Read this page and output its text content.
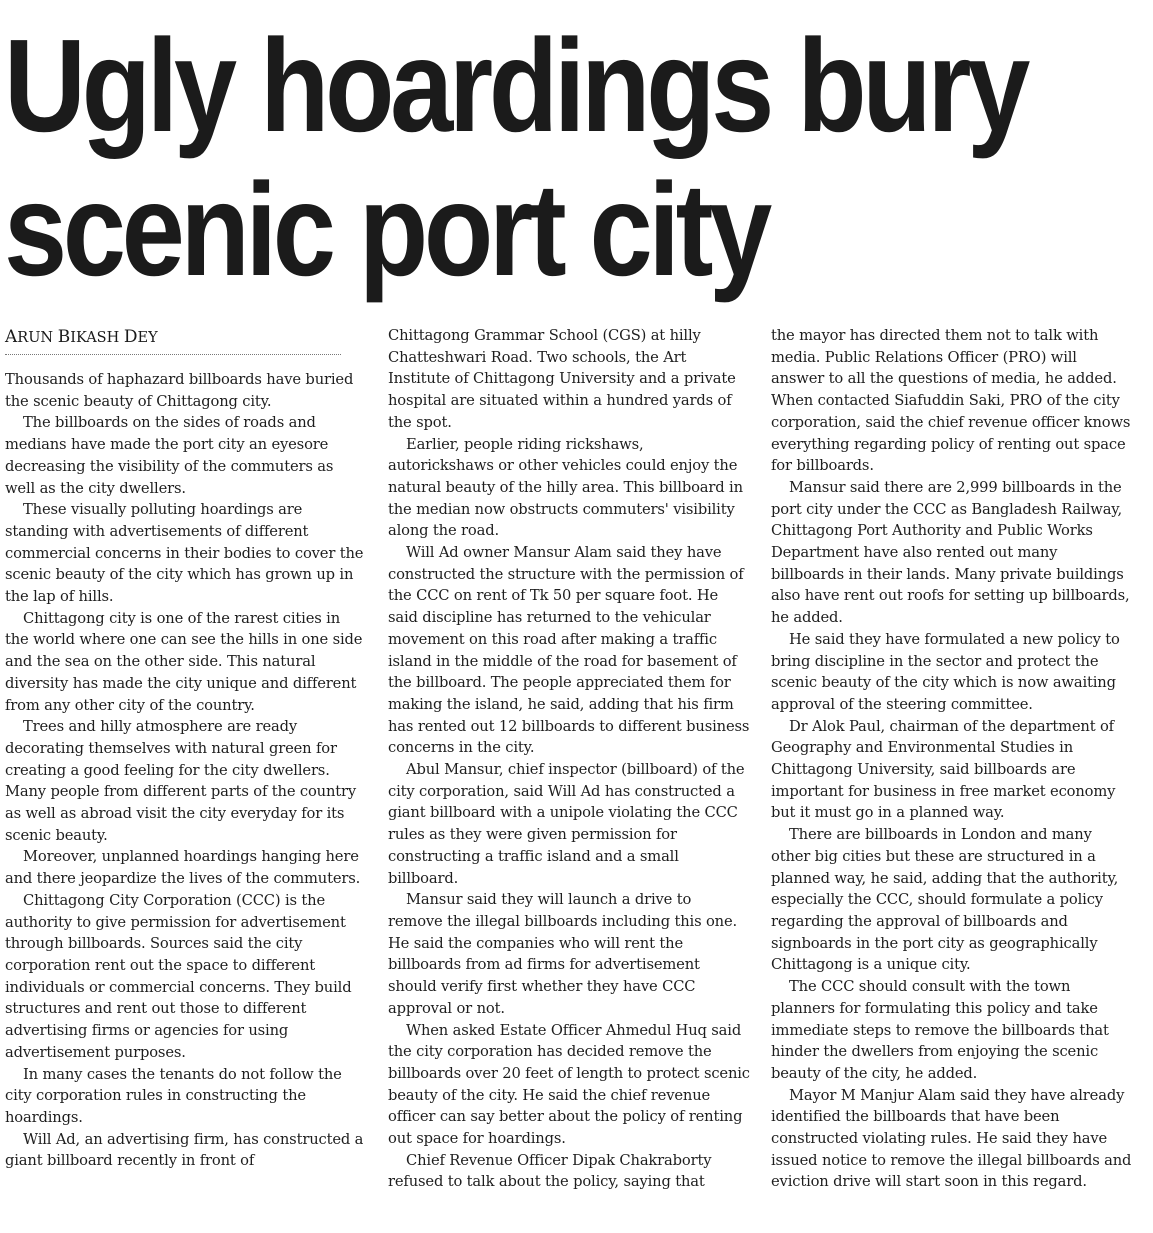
Ugly hoardings bury
scenic port city
ARUN BIKASH DEY

Thousands of haphazard billboards have buried the scenic beauty of Chittagong city.

The billboards on the sides of roads and medians have made the port city an eyesore decreasing the visibility of the commuters as well as the city dwellers.

These visually polluting hoardings are standing with advertisements of different commercial concerns in their bodies to cover the scenic beauty of the city which has grown up in the lap of hills.

Chittagong city is one of the rarest cities in the world where one can see the hills in one side and the sea on the other side. This natural diversity has made the city unique and different from any other city of the country.

Trees and hilly atmosphere are ready decorating themselves with natural green for creating a good feeling for the city dwellers. Many people from different parts of the country as well as abroad visit the city everyday for its scenic beauty.

Moreover, unplanned hoardings hanging here and there jeopardize the lives of the commuters.

Chittagong City Corporation (CCC) is the authority to give permission for advertisement through billboards. Sources said the city corporation rent out the space to different individuals or commercial concerns. They build structures and rent out those to different advertising firms or agencies for using advertisement purposes.

In many cases the tenants do not follow the city corporation rules in constructing the hoardings.

Will Ad, an advertising firm, has constructed a giant billboard recently in front of

Chittagong Grammar School (CGS) at hilly Chatteshwari Road. Two schools, the Art Institute of Chittagong University and a private hospital are situated within a hundred yards of the spot.

Earlier, people riding rickshaws, autorickshaws or other vehicles could enjoy the natural beauty of the hilly area. This billboard in the median now obstructs commuters' visibility along the road.

Will Ad owner Mansur Alam said they have constructed the structure with the permission of the CCC on rent of Tk 50 per square foot. He said discipline has returned to the vehicular movement on this road after making a traffic island in the middle of the road for basement of the billboard. The people appreciated them for making the island, he said, adding that his firm has rented out 12 billboards to different business concerns in the city.

Abul Mansur, chief inspector (billboard) of the city corporation, said Will Ad has constructed a giant billboard with a unipole violating the CCC rules as they were given permission for constructing a traffic island and a small billboard.

Mansur said they will launch a drive to remove the illegal billboards including this one. He said the companies who will rent the billboards from ad firms for advertisement should verify first whether they have CCC approval or not.

When asked Estate Officer Ahmedul Huq said the city corporation has decided remove the billboards over 20 feet of length to protect scenic beauty of the city. He said the chief revenue officer can say better about the policy of renting out space for hoardings.

Chief Revenue Officer Dipak Chakraborty refused to talk about the policy, saying that

the mayor has directed them not to talk with media. Public Relations Officer (PRO) will answer to all the questions of media, he added. When contacted Siafuddin Saki, PRO of the city corporation, said the chief revenue officer knows everything regarding policy of renting out space for billboards.

Mansur said there are 2,999 billboards in the port city under the CCC as Bangladesh Railway, Chittagong Port Authority and Public Works Department have also rented out many billboards in their lands. Many private buildings also have rent out roofs for setting up billboards, he added.

He said they have formulated a new policy to bring discipline in the sector and protect the scenic beauty of the city which is now awaiting approval of the steering committee.

Dr Alok Paul, chairman of the department of Geography and Environmental Studies in Chittagong University, said billboards are important for business in free market economy but it must go in a planned way.

There are billboards in London and many other big cities but these are structured in a planned way, he said, adding that the authority, especially the CCC, should formulate a policy regarding the approval of billboards and signboards in the port city as geographically Chittagong is a unique city.

The CCC should consult with the town planners for formulating this policy and take immediate steps to remove the billboards that hinder the dwellers from enjoying the scenic beauty of the city, he added.

Mayor M Manjur Alam said they have already identified the billboards that have been constructed violating rules. He said they have issued notice to remove the illegal billboards and eviction drive will start soon in this regard.
